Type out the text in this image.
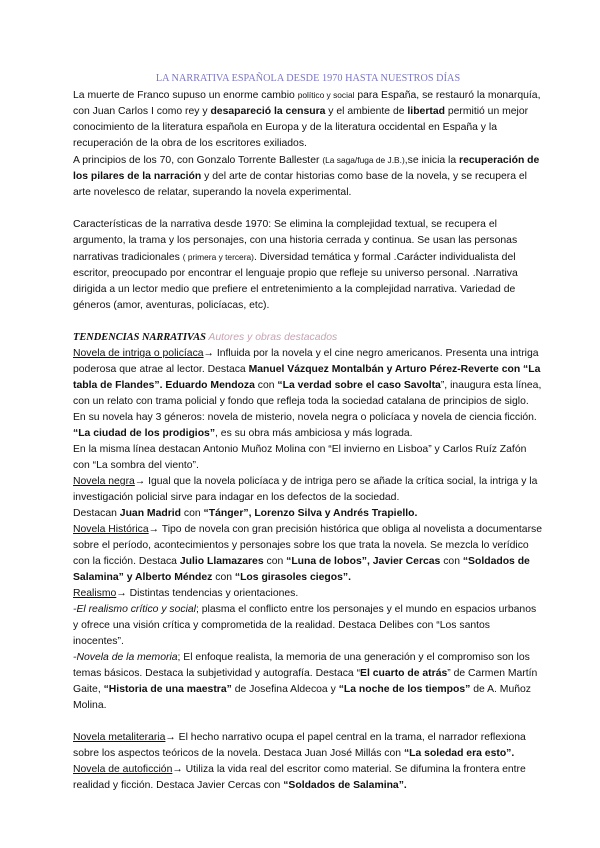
LA NARRATIVA ESPAÑOLA DESDE 1970 HASTA NUESTROS DÍAS

La muerte de Franco supuso un enorme cambio político y social para España, se restauró la monarquía, con Juan Carlos I como rey y desapareció la censura y el ambiente de libertad permitió un mejor conocimiento de la literatura española en Europa y de la literatura occidental en España y la recuperación de la obra de los escritores exiliados.

A principios de los 70, con Gonzalo Torrente Ballester (La saga/fuga de J.B.),se inicia la recuperación de los pilares de la narración y del arte de contar historias como base de la novela, y se recupera el arte novelesco de relatar, superando la novela experimental.

Características de la narrativa desde 1970: Se elimina la complejidad textual, se recupera el argumento, la trama y los personajes, con una historia cerrada y continua. Se usan las personas narrativas tradicionales ( primera y tercera). Diversidad temática y formal .Carácter individualista del escritor, preocupado por encontrar el lenguaje propio que refleje su universo personal. .Narrativa dirigida a un lector medio que prefiere el entretenimiento a la complejidad narrativa. Variedad de géneros (amor, aventuras, policíacas, etc).

TENDENCIAS NARRATIVAS Autores y obras destacados

Novela de intriga o policíaca→ Influida por la novela y el cine negro americanos. Presenta una intriga poderosa que atrae al lector. Destaca Manuel Vázquez Montalbán y Arturo Pérez-Reverte con “La tabla de Flandes”. Eduardo Mendoza con “La verdad sobre el caso Savolta”, inaugura esta línea, con un relato con trama policial y fondo que refleja toda la sociedad catalana de principios de siglo. En su novela hay 3 géneros: novela de misterio, novela negra o policíaca y novela de ciencia ficción. “La ciudad de los prodigios”, es su obra más ambiciosa y más lograda.

En la misma línea destacan Antonio Muñoz Molina con “El invierno en Lisboa” y Carlos Ruíz Zafón con “La sombra del viento”.

Novela negra→ Igual que la novela policíaca y de intriga pero se añade la crítica social, la intriga y la investigación policial sirve para indagar en los defectos de la sociedad.

Destacan Juan Madrid con “Tánger”, Lorenzo Silva y Andrés Trapiello.

Novela Histórica→ Tipo de novela con gran precisión histórica que obliga al novelista a documentarse sobre el período, acontecimientos y personajes sobre los que trata la novela. Se mezcla lo verídico con la ficción. Destaca Julio Llamazares con “Luna de lobos”, Javier Cercas con “Soldados de Salamina” y Alberto Méndez con “Los girasoles ciegos”.

Realismo→ Distintas tendencias y orientaciones.

-El realismo crítico y social; plasma el conflicto entre los personajes y el mundo en espacios urbanos y ofrece una visión crítica y comprometida de la realidad. Destaca Delibes con “Los santos inocentes”.

-Novela de la memoria; El enfoque realista, la memoria de una generación y el compromiso son los temas básicos. Destaca la subjetividad y autografía. Destaca “El cuarto de atrás” de Carmen Martín Gaite, “Historia de una maestra” de Josefina Aldecoa y “La noche de los tiempos” de A. Muñoz Molina.

Novela metaliteraria→ El hecho narrativo ocupa el papel central en la trama, el narrador reflexiona sobre los aspectos teóricos de la novela. Destaca Juan José Millás con “La soledad era esto”.

Novela de autoficción→ Utiliza la vida real del escritor como material. Se difumina la frontera entre realidad y ficción. Destaca Javier Cercas con “Soldados de Salamina”.
